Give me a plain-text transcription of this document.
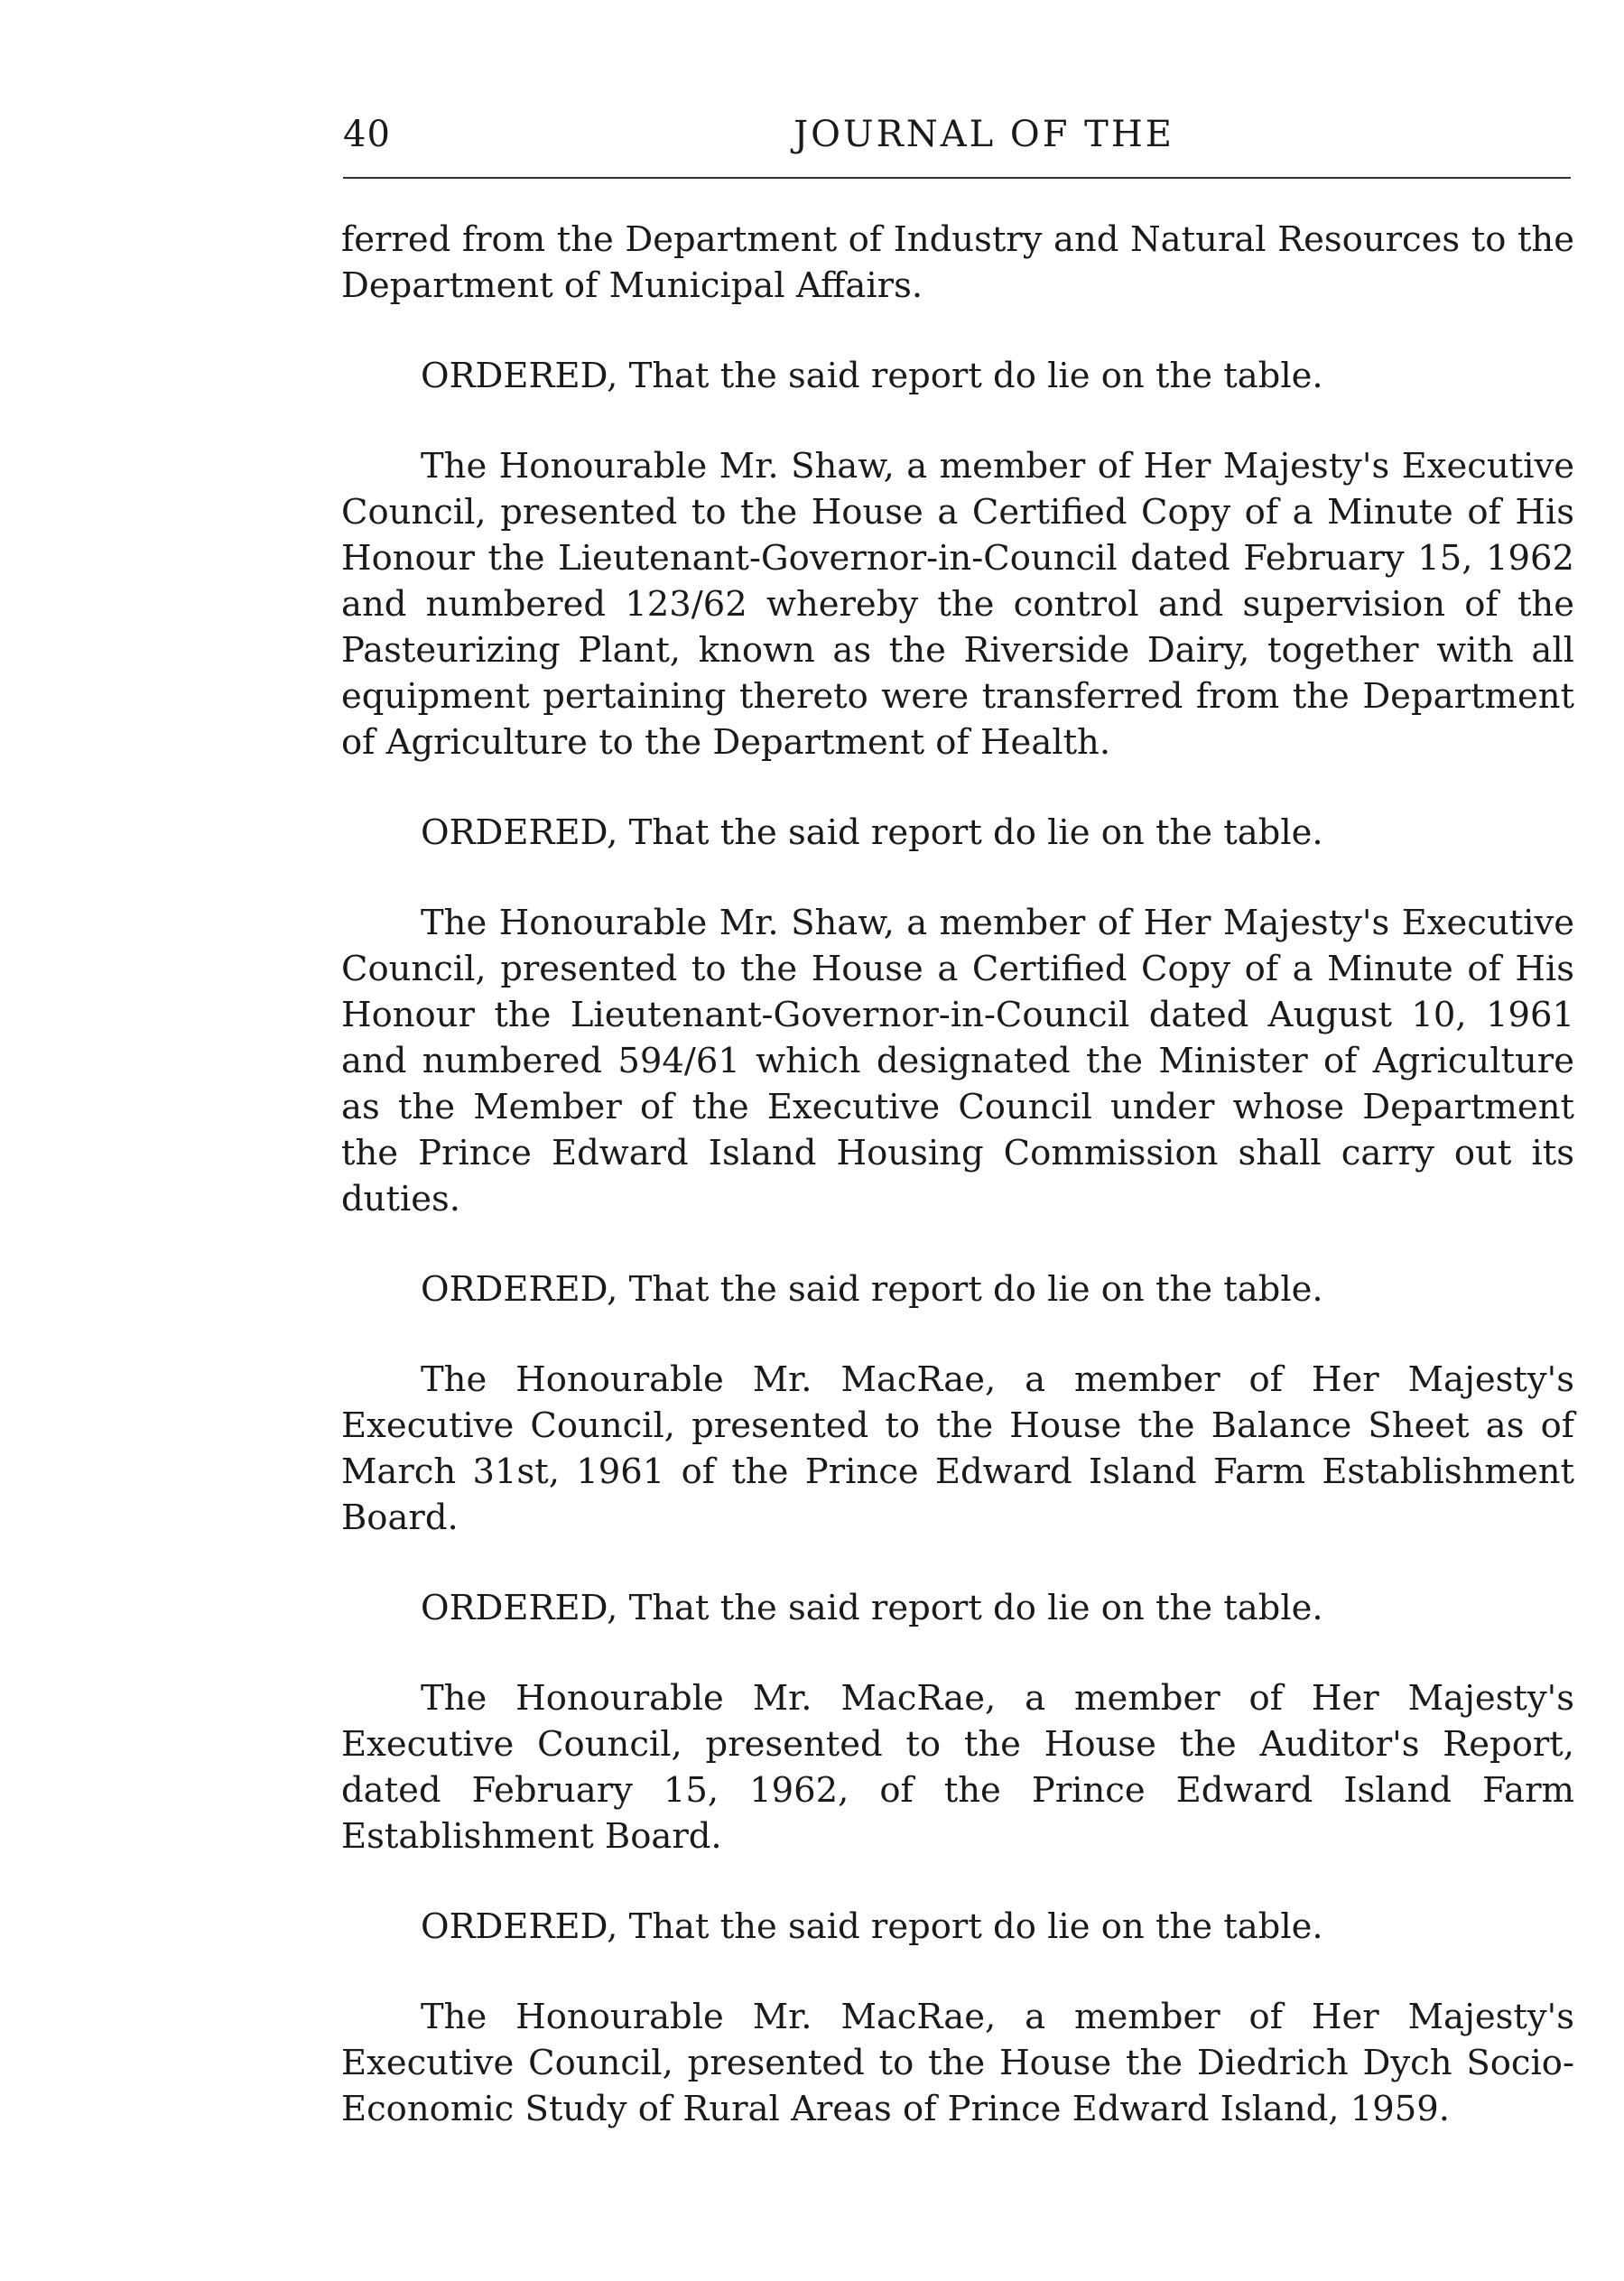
40	JOURNAL OF THE

ferred from the Department of Industry and Natural Resources to the Department of Municipal Affairs.

ORDERED, That the said report do lie on the table.

The Honourable Mr. Shaw, a member of Her Majesty's Executive Council, presented to the House a Certified Copy of a Minute of His Honour the Lieutenant-Governor-in-Council dated February 15, 1962 and numbered 123/62 whereby the control and supervision of the Pasteurizing Plant, known as the Riverside Dairy, together with all equipment pertaining thereto were transferred from the Department of Agriculture to the Department of Health.

ORDERED, That the said report do lie on the table.

The Honourable Mr. Shaw, a member of Her Majesty's Executive Council, presented to the House a Certified Copy of a Minute of His Honour the Lieutenant-Governor-in-Council dated August 10, 1961 and numbered 594/61 which designated the Minister of Agriculture as the Member of the Executive Council under whose Department the Prince Edward Island Housing Commission shall carry out its duties.

ORDERED, That the said report do lie on the table.

The Honourable Mr. MacRae, a member of Her Majesty's Executive Council, presented to the House the Balance Sheet as of March 31st, 1961 of the Prince Edward Island Farm Establishment Board.

ORDERED, That the said report do lie on the table.

The Honourable Mr. MacRae, a member of Her Majesty's Executive Council, presented to the House the Auditor's Report, dated February 15, 1962, of the Prince Edward Island Farm Establishment Board.

ORDERED, That the said report do lie on the table.

The Honourable Mr. MacRae, a member of Her Majesty's Executive Council, presented to the House the Diedrich Dych Socio-Economic Study of Rural Areas of Prince Edward Island, 1959.
